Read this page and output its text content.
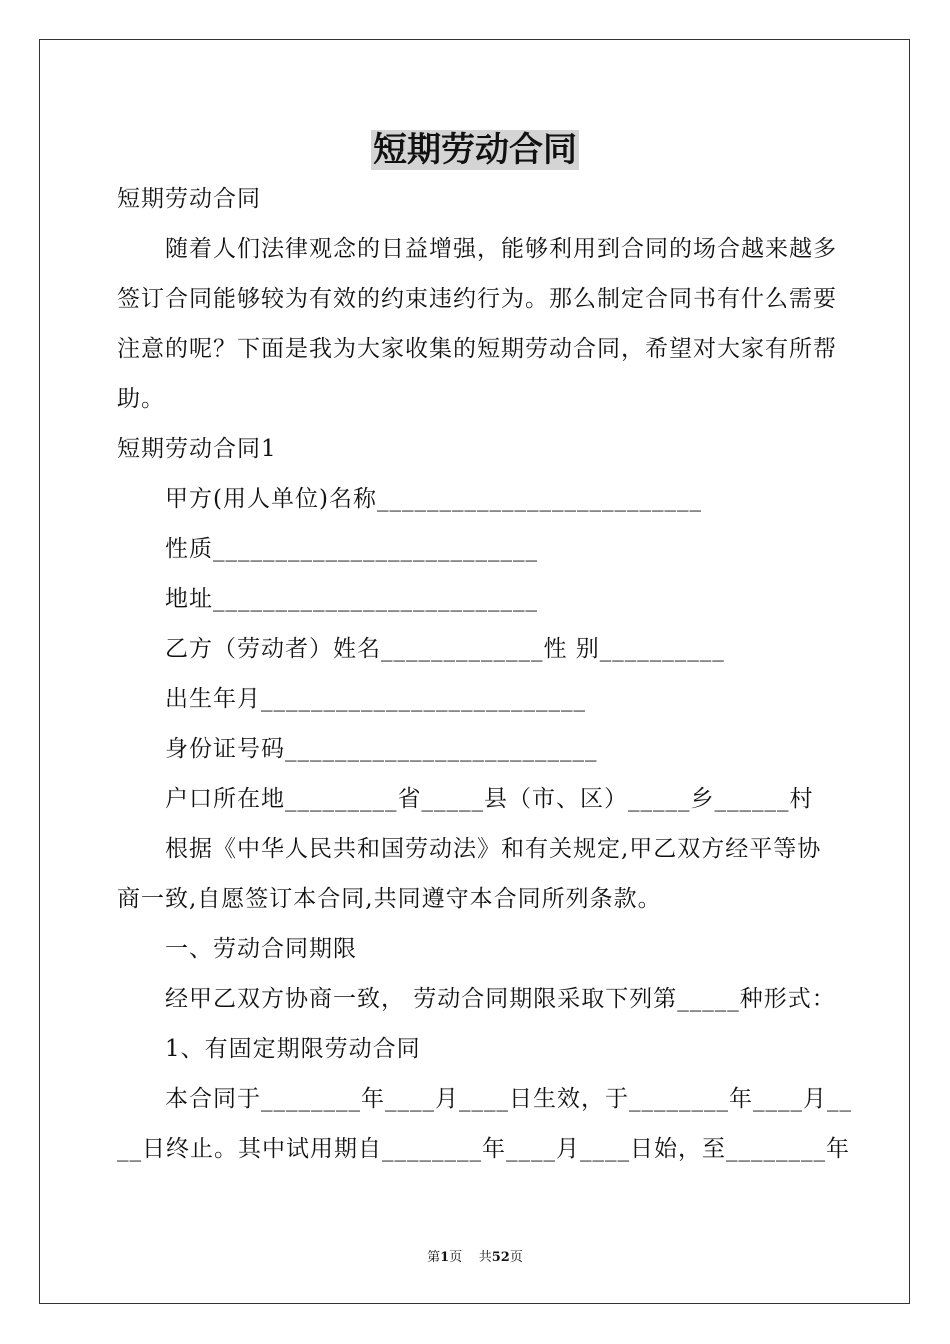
短期劳动合同
短期劳动合同
随着人们法律观念的日益增强，能够利用到合同的场合越来越多
签订合同能够较为有效的约束违约行为。那么制定合同书有什么需要
注意的呢？下面是我为大家收集的短期劳动合同，希望对大家有所帮
助。
短期劳动合同1
甲方(用人单位)名称__________________________
性质__________________________
地址__________________________
乙方（劳动者）姓名_____________性 别__________
出生年月__________________________
身份证号码_________________________
户口所在地_________省_____县（市、区）_____乡______村
根据《中华人民共和国劳动法》和有关规定,甲乙双方经平等协
商一致,自愿签订本合同,共同遵守本合同所列条款。
一、劳动合同期限
经甲乙双方协商一致， 劳动合同期限采取下列第_____种形式：
1、有固定期限劳动合同
本合同于________年____月____日生效，于________年____月__
__日终止。其中试用期自________年____月____日始，至________年
第1页 共52页
